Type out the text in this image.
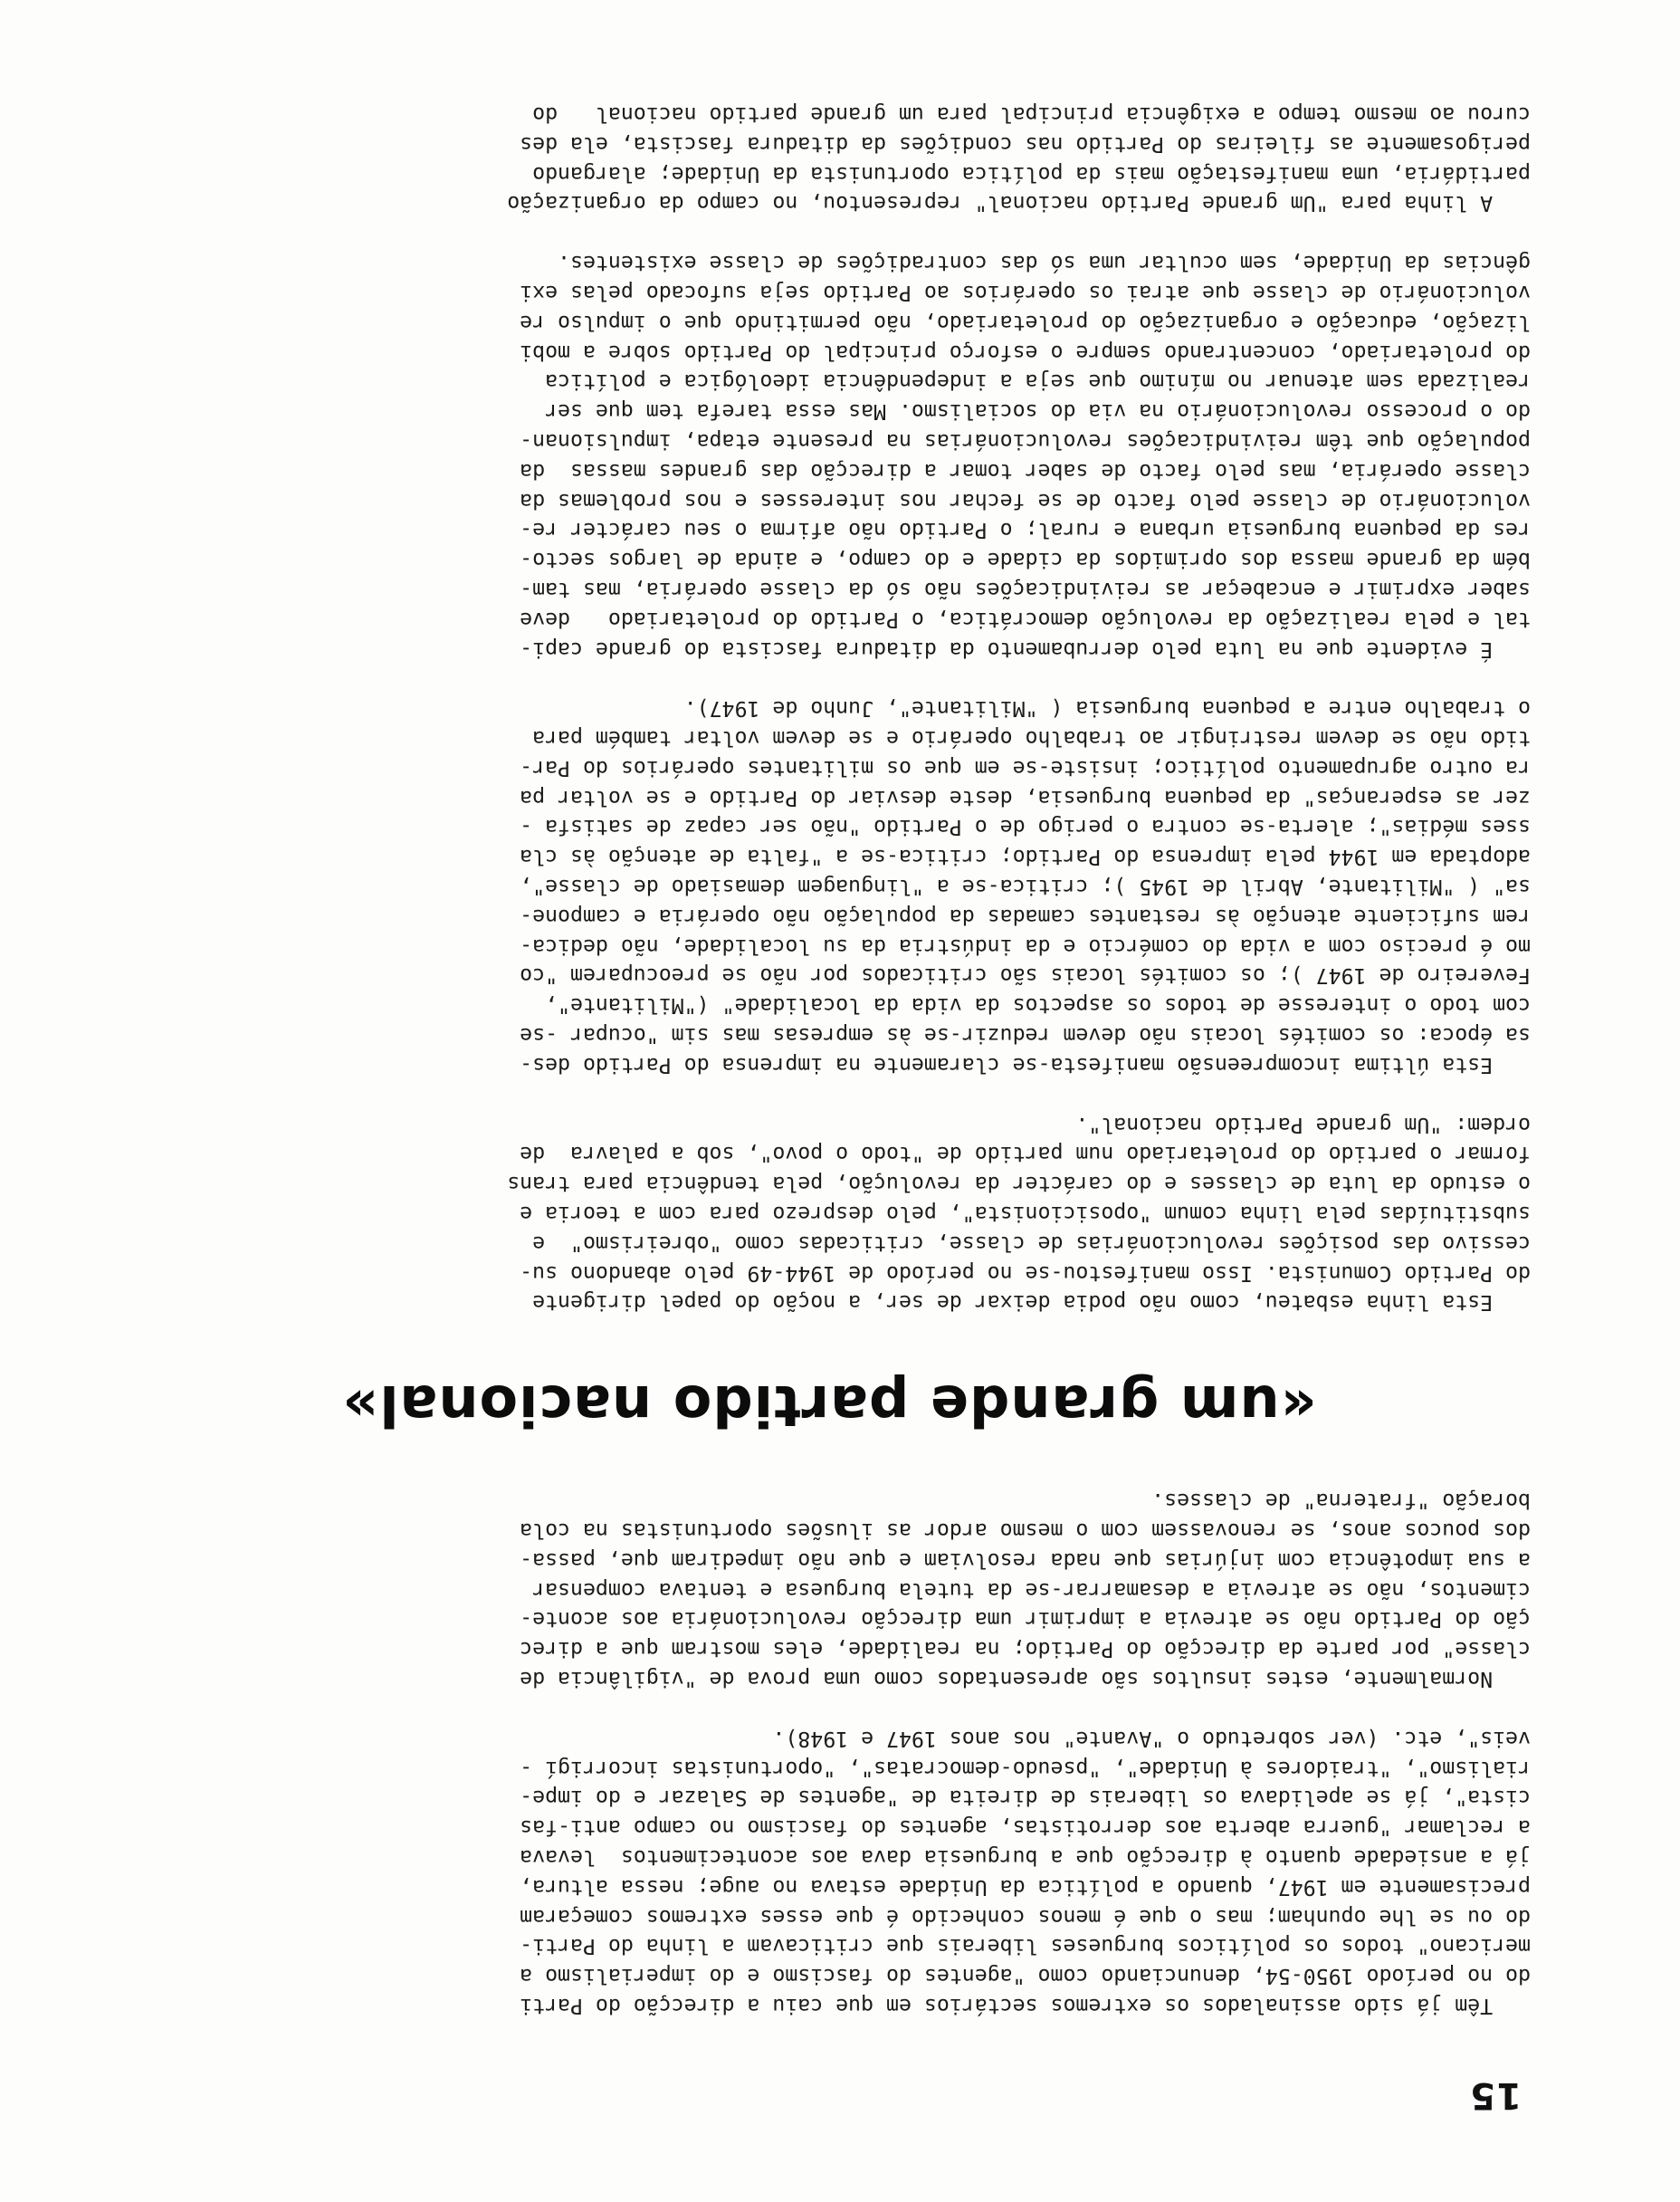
15
Têm já sido assinalados os extremos sectários em que caiu a direcção do Parti
do no período 1950-54, denunciando como "agentes do fascismo e do imperialismo a
mericano" todos os políticos burgueses liberais que criticavam a linha do Parti-
do ou se lhe opunham; mas o que é menos conhecido é que esses extremos começaram
precisamente em 1947, quando a política da Unidade estava no auge; nessa altura,
já a ansiedade quanto à direcção que a burguesia dava aos acontecimentos  levava
a reclamar "guerra aberta aos derrotistas, agentes do fascismo no campo anti-fas
cista", já se apelidava os liberais de direita de "agentes de Salazar e do impe-
rialismo", "traidores à Unidade", "pseudo-democratas", "oportunistas incorrigí -
veis", etc. (ver sobretudo o "Avante" nos anos 1947 e 1948).
Normalmente, estes insultos são apresentados como uma prova de "vigilância de
classe" por parte da direcção do Partido; na realidade, eles mostram que a direc
ção do Partido não se atrevia a imprimir uma direcção revolucionária aos aconte-
cimentos, não se atrevia a desamarrar-se da tutela burguesa e tentava compensar
a sua impotência com injúrias que nada resolviam e que não impediram que, passa-
dos poucos anos, se renovassem com o mesmo ardor as ilusões oportunistas na cola
boração "fraterna" de classes.
«um grande partido nacional»
Esta linha esbateu, como não podia deixar de ser, a noção do papel dirigente
do Partido Comunista. Isso manifestou-se no período de 1944-49 pelo abandono su-
cessivo das posições revolucionárias de classe, criticadas como "obreirismo"  e
substituídas pela linha comum "oposicionista", pelo desprezo para com a teoria e
o estudo da luta de classes e do carácter da revolução, pela tendência para trans
formar o partido do proletariado num partido de "todo o povo", sob a palavra  de
ordem: "Um grande Partido nacional".
Esta última incompreensão manifesta-se claramente na imprensa do Partido des-
sa época: os comités locais não devem reduzir-se às empresas mas sim "ocupar -se
com todo o interesse de todos os aspectos da vida da localidade" ("Militante",
Fevereiro de 1947 ); os comités locais são criticados por não se preocuparem "co
mo é preciso com a vida do comércio e da indústria da su localidade, não dedica-
rem suficiente atenção às restantes camadas da população não operária e campone-
sa" ( "Militante, Abril de 1945 ); critica-se a "linguagem demasiado de classe",
adoptada em 1944 pela imprensa do Partido; critica-se a "falta de atenção às cla
sses médias"; alerta-se contra o perigo de o Partido "não ser capaz de satisfa -
zer as esperanças" da pequena burguesia, deste desviar do Partido e se voltar pa
ra outro agrupamento político; insiste-se em que os militantes operários do Par-
tido não se devem restringir ao trabalho operário e se devem voltar também para
o trabalho entre a pequena burguesia ( "Militante", Junho de 1947).
É evidente que na luta pelo derrubamento da ditadura fascista do grande capi-
tal e pela realização da revolução democrática, o Partido do proletariado   deve
saber exprimir e encabeçar as reivindicações não só da classe operária, mas tam-
bém da grande massa dos oprimidos da cidade e do campo, e ainda de largos secto-
res da pequena burguesia urbana e rural; o Partido não afirma o seu carácter re-
volucionário de classe pelo facto de se fechar nos interesses e nos problemas da
classe operária, mas pelo facto de saber tomar a direcção das grandes massas  da
população que têm reivindicações revolucionárias na presente etapa, impulsionan-
do o processo revolucionário na via do socialismo. Mas essa tarefa tem que ser
realizada sem atenuar no mínimo que seja a independência ideológica e política
do proletariado, concentrando sempre o esforço principal do Partido sobre a mobi
lização, educação e organização do proletariado, não permitindo que o impulso re
volucionário de classe que atrai os operários ao Partido seja sufocado pelas exi
gências da Unidade, sem ocultar uma só das contradições de classe existentes.
A linha para "Um grande Partido nacional" representou, no campo da organização
partidária, uma manifestação mais da política oportunista da Unidade; alargando
perigosamente as fileiras do Partido nas condições da ditadura fascista, ela des
curou ao mesmo tempo a exigência principal para um grande partido nacional   do
